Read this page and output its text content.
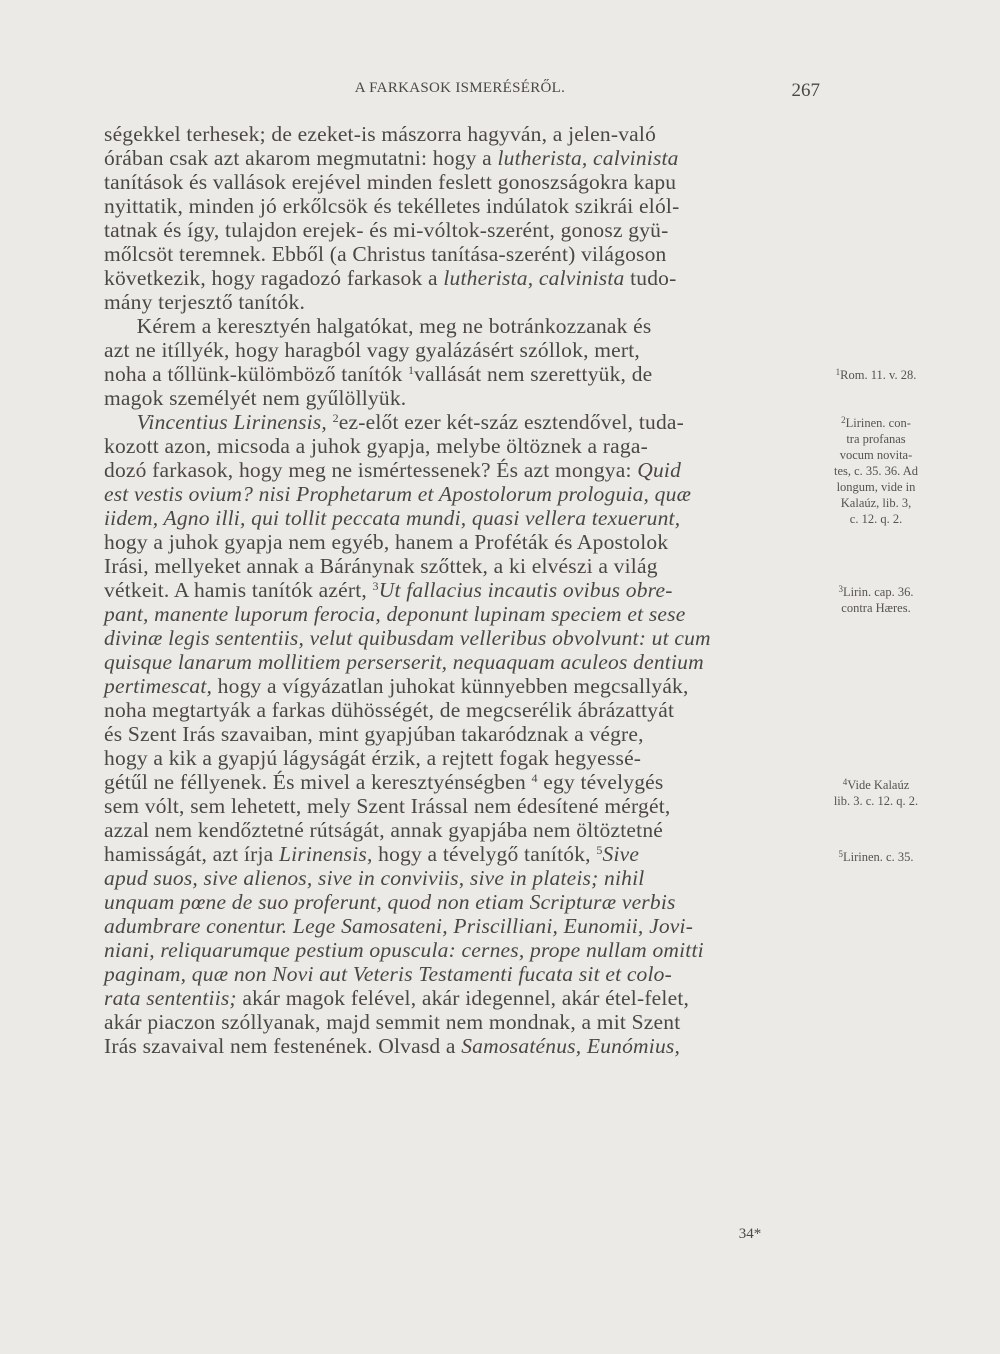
A FARKASOK ISMERÉSÉRŐL.	267
ségekkel terhesek; de ezeket-is mászorra hagyván, a jelen-való
órában csak azt akarom megmutatni: hogy a lutherista, calvinista
tanítások és vallások erejével minden feslett gonoszságokra kapu
nyittatik, minden jó erkőlcsök és tekélletes indúlatok szikrái elól-
tatnak és így, tulajdon erejek- és mi-vóltok-szerént, gonosz gyü-
mőlcsöt teremnek. Ebből (a Christus tanítása-szerént) világoson
következik, hogy ragadozó farkasok a lutherista, calvinista tudo-
mány terjesztő tanítók.
  Kérem a keresztyén halgatókat, meg ne botránkozzanak és
azt ne itíllyék, hogy haragból vagy gyalázásért szóllok, mert,
noha a tőllünk-külömböző tanítók $^1$vallását nem szerettyük, de
magok személyét nem gyűlöllyük.
  Vincentius Lirinensis, $^2$ez-előt ezer két-száz esztendővel, tuda-
kozott azon, micsoda a juhok gyapja, melybe öltöznek a raga-
dozó farkasok, hogy meg ne ismértessenek? És azt mongya: Quid
est vestis ovium? nisi Prophetarum et Apostolorum prologuia, quæ
iidem, Agno illi, qui tollit peccata mundi, quasi vellera texuerunt,
hogy a juhok gyapja nem egyéb, hanem a Proféták és Apostolok
Irási, mellyeket annak a Báránynak szőttek, a ki elvészi a világ
vétkeit. A hamis tanítók azért, $^3$Ut fallacius incautis ovibus obre-
pant, manente luporum ferocia, deponunt lupinam speciem et sese
divinæ legis sententiis, velut quibusdam velleribus obvolvunt: ut cum
quisque lanarum mollitiem perserserit, nequaquam aculeos dentium
pertimescat, hogy a vígyázatlan juhokat künnyebben megcsallyák,
noha megtartyák a farkas dühösségét, de megcserélik ábrázattyát
és Szent Irás szavaiban, mint gyapjúban takaródznak a végre,
hogy a kik a gyapjú lágyságát érzik, a rejtett fogak hegyessé-
gétűl ne féllyenek. És mivel a keresztyénségben $^4$ egy tévelygés
sem vólt, sem lehetett, mely Szent Irással nem édesítené mérgét,
azzal nem kendőztetné rútságát, annak gyapjába nem öltöztetné
hamisságát, azt írja Lirinensis, hogy a tévelygő tanítók, $^5$Sive
apud suos, sive alienos, sive in conviviis, sive in plateis; nihil
unquam pœne de suo proferunt, quod non etiam Scripturæ verbis
adumbrare conentur. Lege Samosateni, Priscilliani, Eunomii, Jovi-
niani, reliquarumque pestium opuscula: cernes, prope nullam omitti
paginam, quæ non Novi aut Veteris Testamenti fucata sit et colo-
rata sententiis; akár magok felével, akár idegennel, akár étel-felet,
akár piaczon szóllyanak, majd semmit nem mondnak, a mit Szent
Irás szavaival nem festenének. Olvasd a Samosaténus, Eunómius,
$^1$Rom. 11. v. 28.
$^2$Lirinen. con-
tra profanas
vocum novita-
tes, c. 35. 36. Ad
longum, vide in
Kalaúz, lib. 3,
c. 12. q. 2.
$^3$Lirin. cap. 36.
contra Hæres.
$^4$Vide Kalaúz
lib. 3. c. 12. q. 2.
$^5$Lirinen. c. 35.
34*
